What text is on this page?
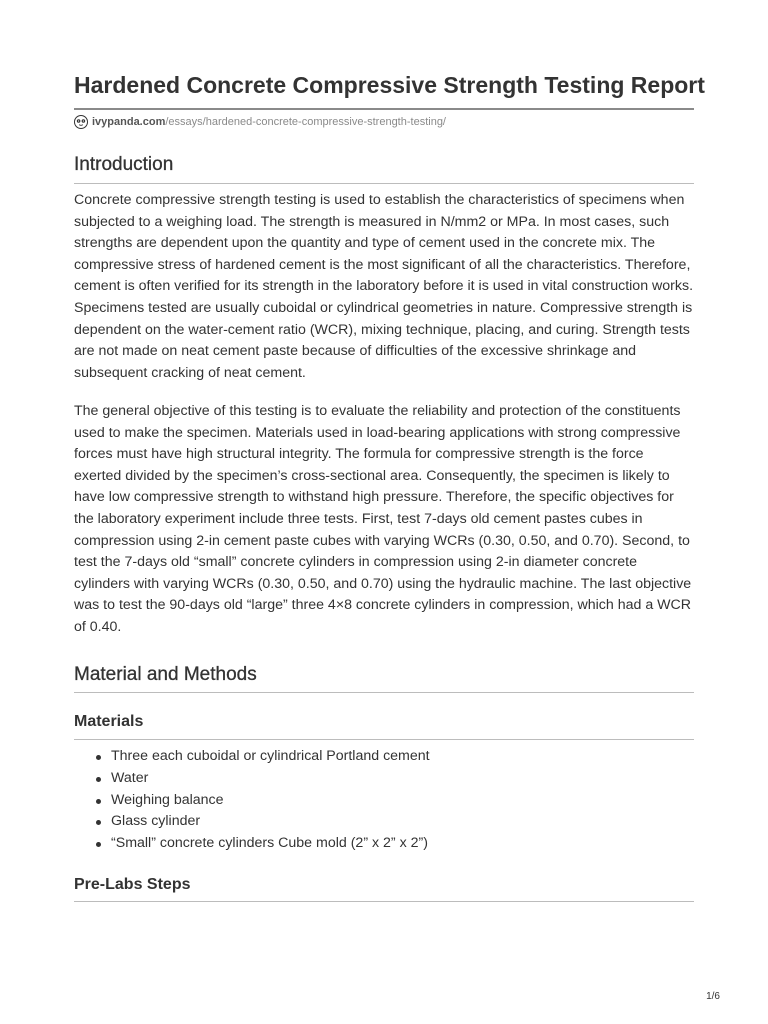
Hardened Concrete Compressive Strength Testing Report
ivypanda.com /essays/hardened-concrete-compressive-strength-testing/
Introduction

Concrete compressive strength testing is used to establish the characteristics of specimens when subjected to a weighing load. The strength is measured in N/mm2 or MPa. In most cases, such strengths are dependent upon the quantity and type of cement used in the concrete mix. The compressive stress of hardened cement is the most significant of all the characteristics. Therefore, cement is often verified for its strength in the laboratory before it is used in vital construction works. Specimens tested are usually cuboidal or cylindrical geometries in nature. Compressive strength is dependent on the water-cement ratio (WCR), mixing technique, placing, and curing. Strength tests are not made on neat cement paste because of difficulties of the excessive shrinkage and subsequent cracking of neat cement.

The general objective of this testing is to evaluate the reliability and protection of the constituents used to make the specimen. Materials used in load-bearing applications with strong compressive forces must have high structural integrity. The formula for compressive strength is the force exerted divided by the specimen’s cross-sectional area. Consequently, the specimen is likely to have low compressive strength to withstand high pressure. Therefore, the specific objectives for the laboratory experiment include three tests. First, test 7-days old cement pastes cubes in compression using 2-in cement paste cubes with varying WCRs (0.30, 0.50, and 0.70). Second, to test the 7-days old “small” concrete cylinders in compression using 2-in diameter concrete cylinders with varying WCRs (0.30, 0.50, and 0.70) using the hydraulic machine. The last objective was to test the 90-days old “large” three 4×8 concrete cylinders in compression, which had a WCR of 0.40.

Material and Methods
Materials
Three each cuboidal or cylindrical Portland cement
Water
Weighing balance
Glass cylinder
“Small” concrete cylinders Cube mold (2” x 2” x 2”)
Pre-Labs Steps
1/6
